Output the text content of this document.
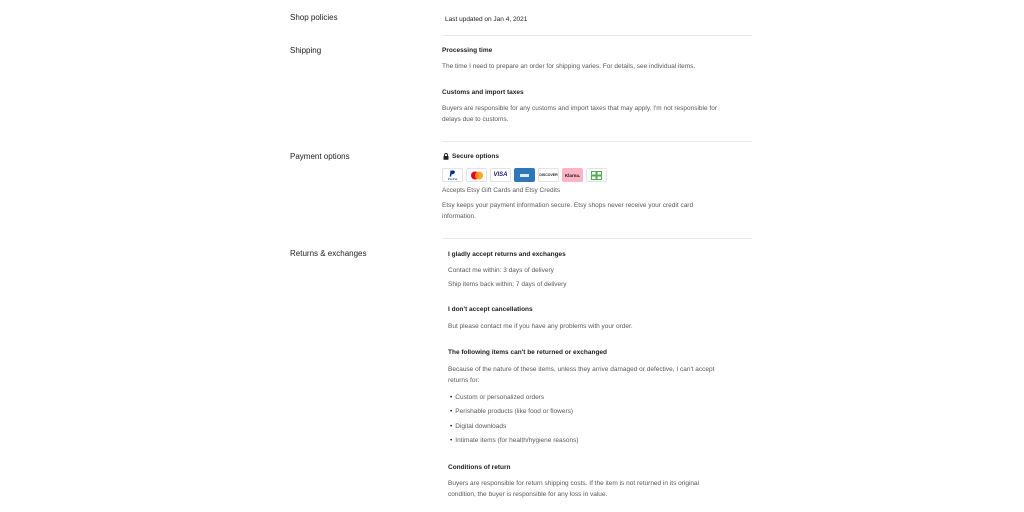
Shop policies	Last updated on Jan 4, 2021
Shipping	Processing time
The time I need to prepare an order for shipping varies. For details, see individual items.
Customs and import taxes
Buyers are responsible for any customs and import taxes that may apply. I'm not responsible for
delays due to customs.
Payment options	Secure options
PayPal
VISA	DISCOVER Klarna.
Accepts Etsy Gift Cards and Etsy Credits
Etsy keeps your payment information secure. Etsy shops never receive your credit card
information.
Returns & exchanges	I gladly accept returns and exchanges
Contact me within: 3 days of delivery
Ship items back within: 7 days of delivery
I don't accept cancellations
But please contact me if you have any problems with your order.
The following items can't be returned or exchanged
Because of the nature of these items, unless they arrive damaged or defective, I can't accept
returns for:
• Custom or personalized orders
• Perishable products (like food or flowers)
• Digital downloads
• Intimate items (for health/hygiene reasons)
Conditions of return
Buyers are responsible for return shipping costs. If the item is not returned in its original
condition, the buyer is responsible for any loss in value.
